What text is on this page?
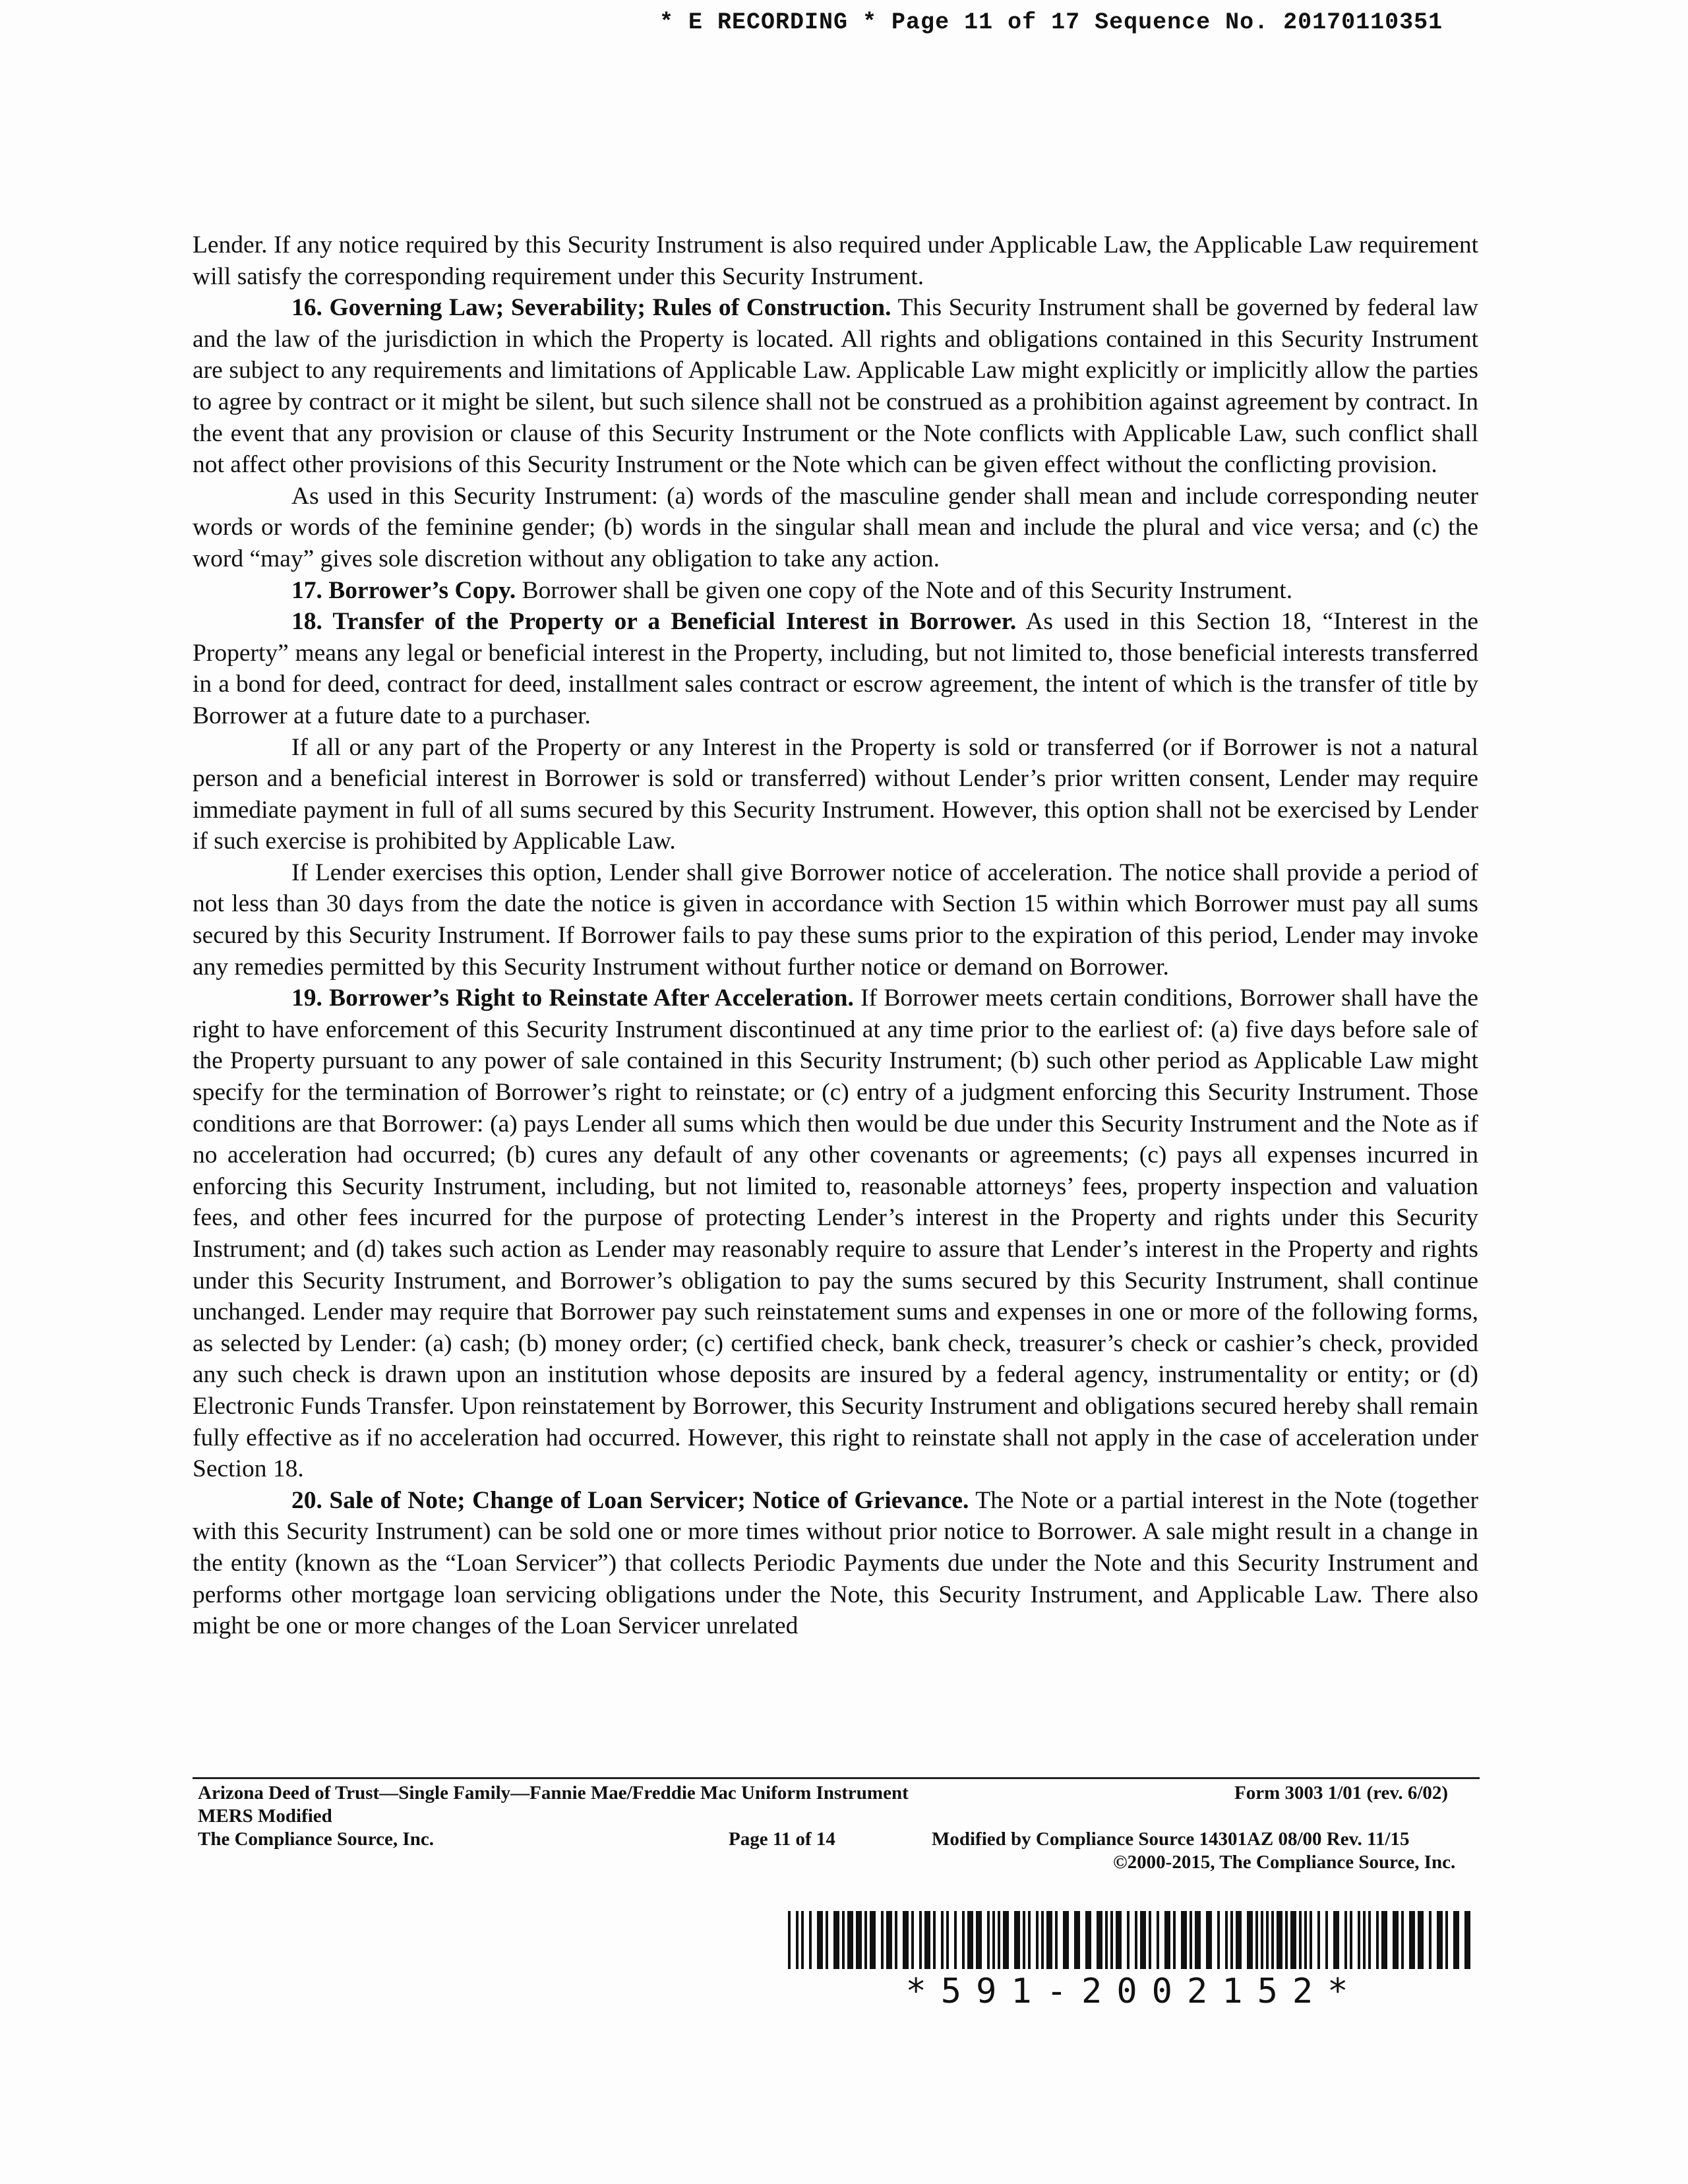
* E RECORDING * Page 11 of 17 Sequence No. 20170110351

Lender. If any notice required by this Security Instrument is also required under Applicable Law, the Applicable Law requirement will satisfy the corresponding requirement under this Security Instrument.

16. Governing Law; Severability; Rules of Construction. This Security Instrument shall be governed by federal law and the law of the jurisdiction in which the Property is located. All rights and obligations contained in this Security Instrument are subject to any requirements and limitations of Applicable Law. Applicable Law might explicitly or implicitly allow the parties to agree by contract or it might be silent, but such silence shall not be construed as a prohibition against agreement by contract. In the event that any provision or clause of this Security Instrument or the Note conflicts with Applicable Law, such conflict shall not affect other provisions of this Security Instrument or the Note which can be given effect without the conflicting provision.

As used in this Security Instrument: (a) words of the masculine gender shall mean and include corresponding neuter words or words of the feminine gender; (b) words in the singular shall mean and include the plural and vice versa; and (c) the word “may” gives sole discretion without any obligation to take any action.

17. Borrower’s Copy. Borrower shall be given one copy of the Note and of this Security Instrument.

18. Transfer of the Property or a Beneficial Interest in Borrower. As used in this Section 18, “Interest in the Property” means any legal or beneficial interest in the Property, including, but not limited to, those beneficial interests transferred in a bond for deed, contract for deed, installment sales contract or escrow agreement, the intent of which is the transfer of title by Borrower at a future date to a purchaser.

If all or any part of the Property or any Interest in the Property is sold or transferred (or if Borrower is not a natural person and a beneficial interest in Borrower is sold or transferred) without Lender’s prior written consent, Lender may require immediate payment in full of all sums secured by this Security Instrument. However, this option shall not be exercised by Lender if such exercise is prohibited by Applicable Law.

If Lender exercises this option, Lender shall give Borrower notice of acceleration. The notice shall provide a period of not less than 30 days from the date the notice is given in accordance with Section 15 within which Borrower must pay all sums secured by this Security Instrument. If Borrower fails to pay these sums prior to the expiration of this period, Lender may invoke any remedies permitted by this Security Instrument without further notice or demand on Borrower.

19. Borrower’s Right to Reinstate After Acceleration. If Borrower meets certain conditions, Borrower shall have the right to have enforcement of this Security Instrument discontinued at any time prior to the earliest of: (a) five days before sale of the Property pursuant to any power of sale contained in this Security Instrument; (b) such other period as Applicable Law might specify for the termination of Borrower’s right to reinstate; or (c) entry of a judgment enforcing this Security Instrument. Those conditions are that Borrower: (a) pays Lender all sums which then would be due under this Security Instrument and the Note as if no acceleration had occurred; (b) cures any default of any other covenants or agreements; (c) pays all expenses incurred in enforcing this Security Instrument, including, but not limited to, reasonable attorneys’ fees, property inspection and valuation fees, and other fees incurred for the purpose of protecting Lender’s interest in the Property and rights under this Security Instrument; and (d) takes such action as Lender may reasonably require to assure that Lender’s interest in the Property and rights under this Security Instrument, and Borrower’s obligation to pay the sums secured by this Security Instrument, shall continue unchanged. Lender may require that Borrower pay such reinstatement sums and expenses in one or more of the following forms, as selected by Lender: (a) cash; (b) money order; (c) certified check, bank check, treasurer’s check or cashier’s check, provided any such check is drawn upon an institution whose deposits are insured by a federal agency, instrumentality or entity; or (d) Electronic Funds Transfer. Upon reinstatement by Borrower, this Security Instrument and obligations secured hereby shall remain fully effective as if no acceleration had occurred. However, this right to reinstate shall not apply in the case of acceleration under Section 18.

20. Sale of Note; Change of Loan Servicer; Notice of Grievance. The Note or a partial interest in the Note (together with this Security Instrument) can be sold one or more times without prior notice to Borrower. A sale might result in a change in the entity (known as the “Loan Servicer”) that collects Periodic Payments due under the Note and this Security Instrument and performs other mortgage loan servicing obligations under the Note, this Security Instrument, and Applicable Law. There also might be one or more changes of the Loan Servicer unrelated

Arizona Deed of Trust—Single Family—Fannie Mae/Freddie Mac Uniform Instrument	Form 3003 1/01 (rev. 6/02)
MERS Modified
The Compliance Source, Inc.	Page 11 of 14	Modified by Compliance Source 14301AZ 08/00 Rev. 11/15
©2000-2015, The Compliance Source, Inc.
*591-2002152*
